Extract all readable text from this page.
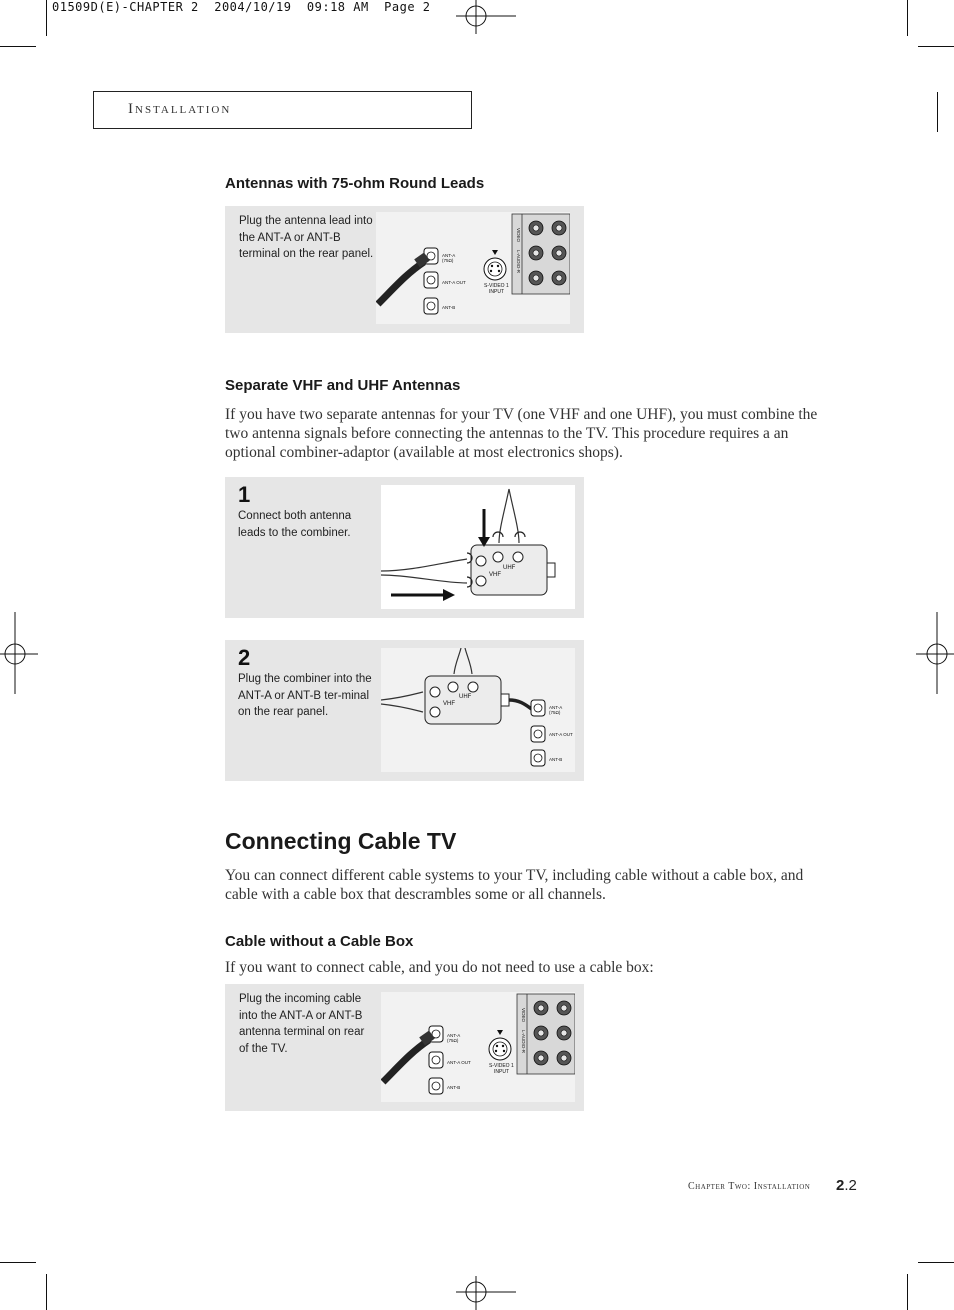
01509D(E)-CHAPTER 2  2004/10/19  09:18 AM  Page 2
Installation
Antennas with 75-ohm Round Leads
Plug the antenna lead into the ANT-A or ANT-B terminal on the rear panel.
VIDEO
L-AUDIO-R
S-VIDEO 1
INPUT
ANT-A
(75Ω)
ANT-A OUT
ANT-B
Separate VHF and UHF Antennas
If you have two separate antennas for your TV (one VHF and one UHF), you must combine the two antenna signals before connecting the antennas to the TV. This procedure requires a an optional combiner-adaptor (available at most electronics shops).
1
Connect both antenna leads to the combiner.
VHF
UHF
2
Plug the combiner into the ANT-A or ANT-B ter-minal on the rear panel.
VHF
UHF
ANT-A
(75Ω)
ANT-A OUT
ANT-B
Connecting Cable TV
You can connect different cable systems to your TV, including cable without a cable box, and cable with a cable box that descrambles some or all channels.
Cable without a Cable Box
If you want to connect cable, and you do not need to use a cable box:
Plug the incoming cable into the ANT-A or ANT-B antenna terminal on rear of the TV.
VIDEO
L-AUDIO-R
S-VIDEO 1
INPUT
ANT-A
(75Ω)
ANT-A OUT
ANT-B
Chapter Two: Installation 2.2
